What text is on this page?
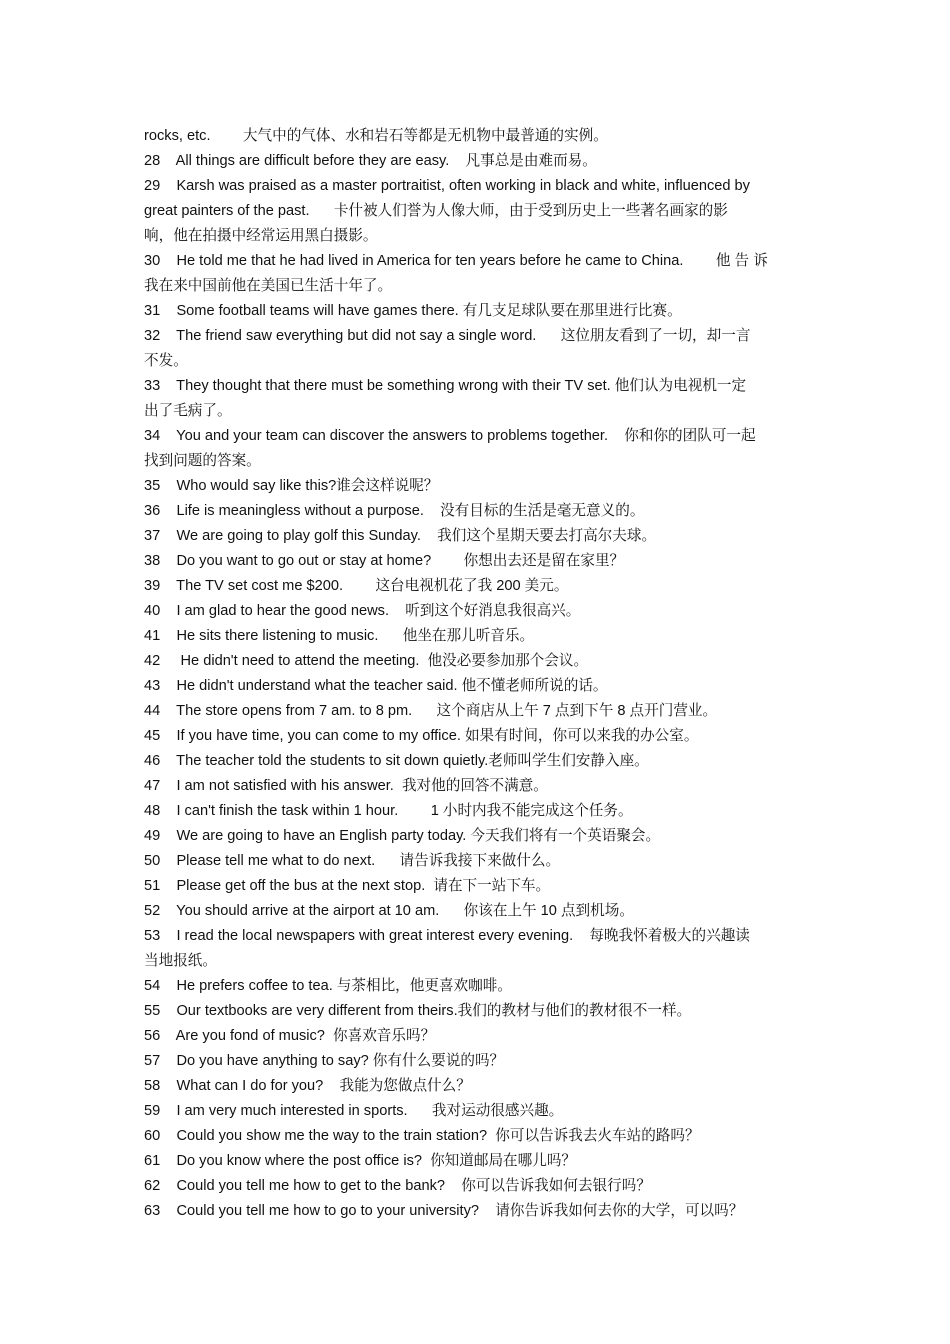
rocks, etc.        大气中的气体、水和岩石等都是无机物中最普通的实例。
28    All things are difficult before they are easy.    凡事总是由难而易。
29    Karsh was praised as a master portraitist, often working in black and white, influenced by
great painters of the past.      卡什被人们誉为人像大师，由于受到历史上一些著名画家的影
响，他在拍摄中经常运用黑白摄影。
30    He told me that he had lived in America for ten years before he came to China.        他 告 诉
我在来中国前他在美国已生活十年了。
31    Some football teams will have games there. 有几支足球队要在那里进行比赛。
32    The friend saw everything but did not say a single word.      这位朋友看到了一切，却一言
不发。
33    They thought that there must be something wrong with their TV set. 他们认为电视机一定
出了毛病了。
34    You and your team can discover the answers to problems together.    你和你的团队可一起
找到问题的答案。
35    Who would say like this?谁会这样说呢？
36    Life is meaningless without a purpose.    没有目标的生活是毫无意义的。
37    We are going to play golf this Sunday.    我们这个星期天要去打高尔夫球。
38    Do you want to go out or stay at home?        你想出去还是留在家里？
39    The TV set cost me $200.        这台电视机花了我 200 美元。
40    I am glad to hear the good news.    听到这个好消息我很高兴。
41    He sits there listening to music.      他坐在那儿听音乐。
42     He didn't need to attend the meeting.  他没必要参加那个会议。
43    He didn't understand what the teacher said. 他不懂老师所说的话。
44    The store opens from 7 am. to 8 pm.      这个商店从上午 7 点到下午 8 点开门营业。
45    If you have time, you can come to my office. 如果有时间，你可以来我的办公室。
46    The teacher told the students to sit down quietly.老师叫学生们安静入座。
47    I am not satisfied with his answer.  我对他的回答不满意。
48    I can't finish the task within 1 hour.        1 小时内我不能完成这个任务。
49    We are going to have an English party today. 今天我们将有一个英语聚会。
50    Please tell me what to do next.      请告诉我接下来做什么。
51    Please get off the bus at the next stop.  请在下一站下车。
52    You should arrive at the airport at 10 am.      你该在上午 10 点到机场。
53    I read the local newspapers with great interest every evening.    每晚我怀着极大的兴趣读
当地报纸。
54    He prefers coffee to tea. 与茶相比，他更喜欢咖啡。
55    Our textbooks are very different from theirs.我们的教材与他们的教材很不一样。
56    Are you fond of music?  你喜欢音乐吗？
57    Do you have anything to say? 你有什么要说的吗？
58    What can I do for you?    我能为您做点什么？
59    I am very much interested in sports.      我对运动很感兴趣。
60    Could you show me the way to the train station?  你可以告诉我去火车站的路吗？
61    Do you know where the post office is?  你知道邮局在哪儿吗？
62    Could you tell me how to get to the bank?    你可以告诉我如何去银行吗？
63    Could you tell me how to go to your university?    请你告诉我如何去你的大学，可以吗？
